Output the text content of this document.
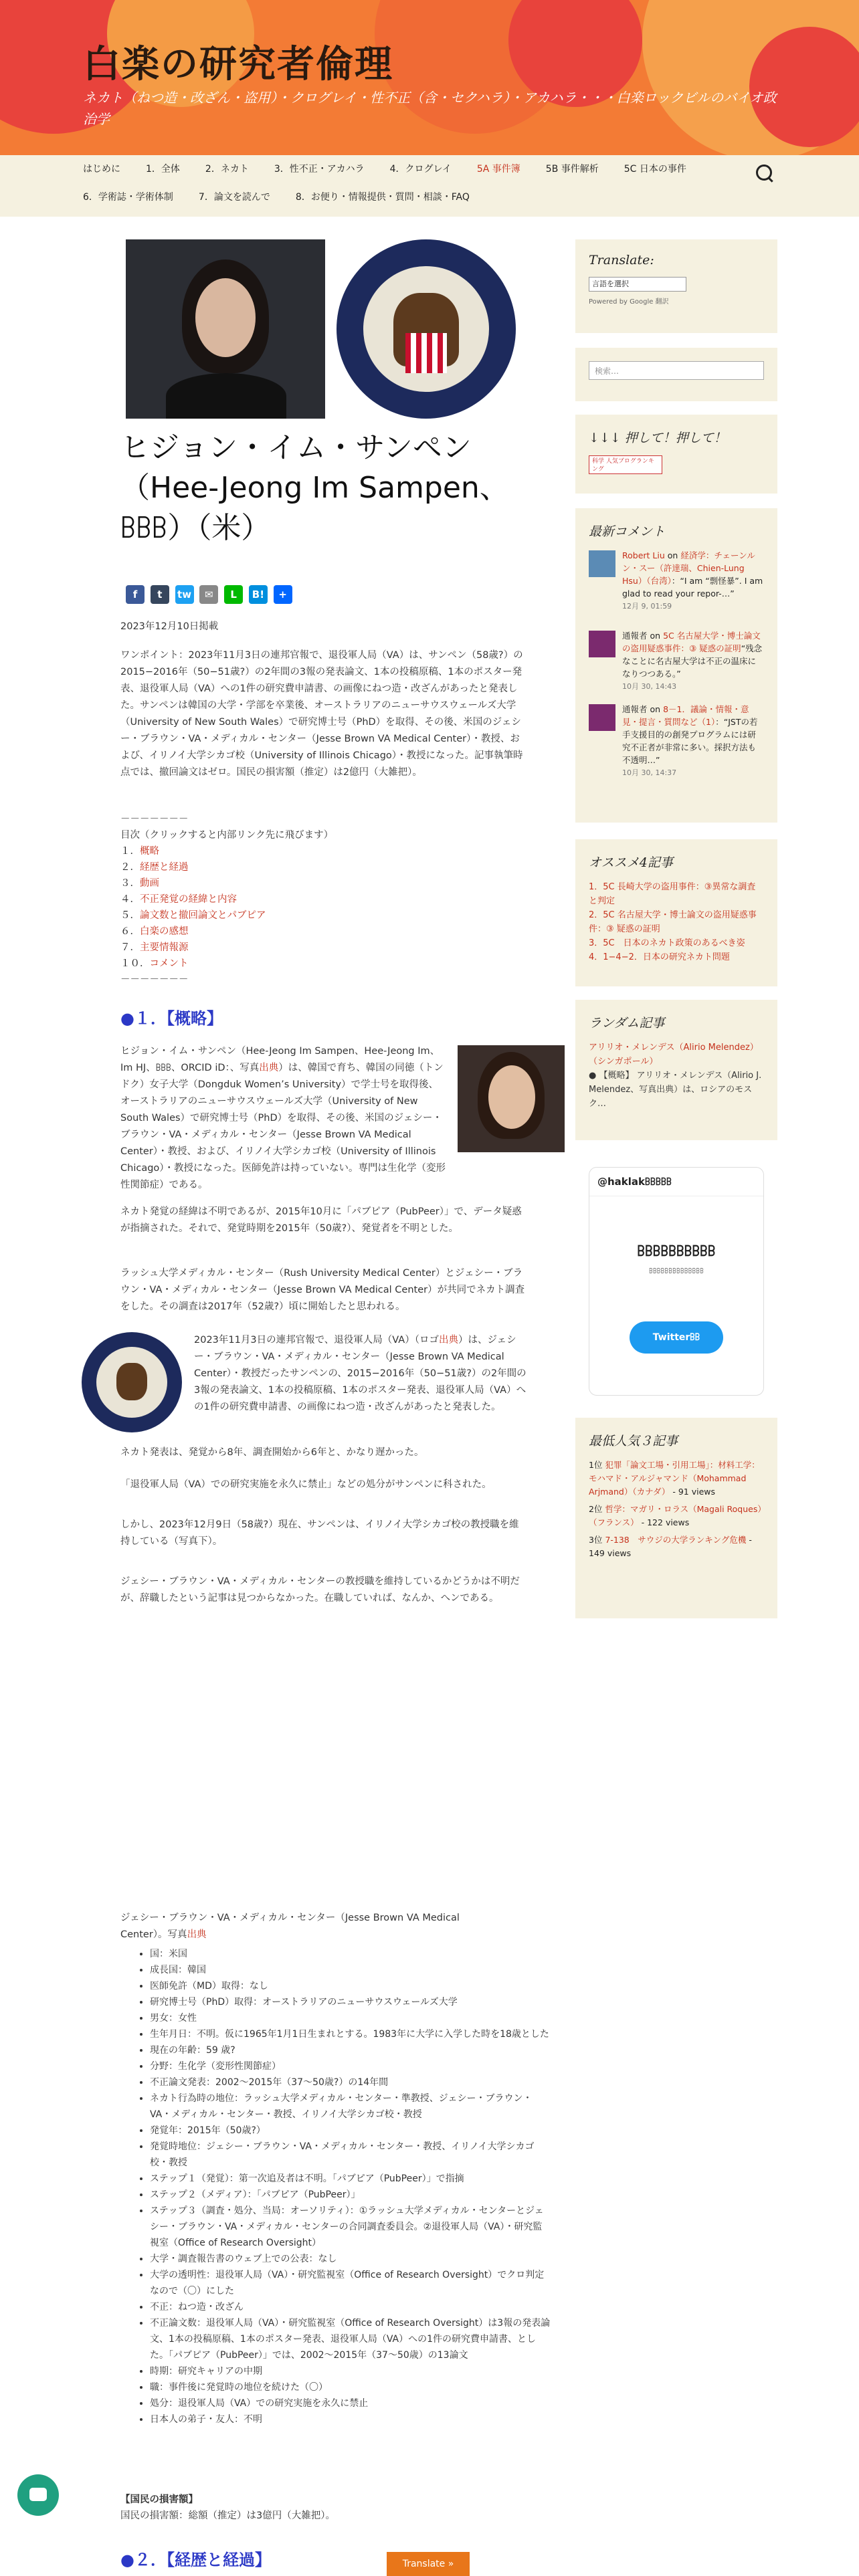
白楽の研究者倫理
ネカト（ねつ造・改ざん・盗用）・クログレイ・性不正（含・セクハラ）・アカハラ・・・白楽ロックビルのバイオ政治学
はじめに	1．全体	2．ネカト	3．性不正・アカハラ	4．クログレイ	5A 事件簿	5B 事件解析	5C 日本の事件
6．学術誌・学術体制	7．論文を読んで	8．お便り・情報提供・質問・相談・FAQ
ヒジョン・イム・サンペン（Hee-Jeong Im Sampen、ꕗꕗꕗ）（米）
f t tw ✉ L B! +
2023年12月10日掲載
ワンポイント：2023年11月3日の連邦官報で、退役軍人局（VA）は、サンペン（58歳?）の2015−2016年（50−51歳?）の2年間の3報の発表論文、1本の投稿原稿、1本のポスター発表、退役軍人局（VA）への1件の研究費申請書、の画像にねつ造・改ざんがあったと発表した。サンペンは韓国の大学・学部を卒業後、オーストラリアのニューサウスウェールズ大学（University of New South Wales）で研究博士号（PhD）を取得、その後、米国のジェシー・ブラウン・VA・メディカル・センター（Jesse Brown VA Medical Center）・教授、および、イリノイ大学シカゴ校（University of Illinois Chicago）・教授になった。記事執筆時点では、撤回論文はゼロ。国民の損害額（推定）は2億円（大雑把）。
－－－－－－－
目次（クリックすると内部リンク先に飛びます）
１．概略
２．経歴と経過
３．動画
４．不正発覚の経緯と内容
５．論文数と撤回論文とパブピア
６．白楽の感想
７．主要情報源
１０．コメント
－－－－－－－
●１．【概略】
ヒジョン・イム・サンペン（Hee-Jeong Im Sampen、Hee-Jeong Im、Im HJ、ꕗꕗꕗ、ORCID iD：、写真出典）は、韓国で育ち、韓国の同徳（トンドク）女子大学（Dongduk Women’s University）で学士号を取得後、オーストラリアのニューサウスウェールズ大学（University of New South Wales）で研究博士号（PhD）を取得、その後、米国のジェシー・ブラウン・VA・メディカル・センター（Jesse Brown VA Medical Center）・教授、および、イリノイ大学シカゴ校（University of Illinois Chicago）・教授になった。医師免許は持っていない。専門は生化学（変形性関節症）である。
ネカト発覚の経緯は不明であるが、2015年10月に「パブピア（PubPeer）」で、データ疑惑が指摘された。それで、発覚時期を2015年（50歳?）、発覚者を不明とした。
ラッシュ大学メディカル・センター（Rush University Medical Center）とジェシー・ブラウン・VA・メディカル・センター（Jesse Brown VA Medical Center）が共同でネカト調査をした。その調査は2017年（52歳?）頃に開始したと思われる。
2023年11月3日の連邦官報で、退役軍人局（VA）（ロゴ出典）は、ジェシー・ブラウン・VA・メディカル・センター（Jesse Brown VA Medical Center）・教授だったサンペンの、2015−2016年（50−51歳?）の2年間の3報の発表論文、1本の投稿原稿、1本のポスター発表、退役軍人局（VA）への1件の研究費申請書、の画像にねつ造・改ざんがあったと発表した。
ネカト発表は、発覚から8年、調査開始から6年と、かなり遅かった。
「退役軍人局（VA）での研究実施を永久に禁止」などの処分がサンペンに科された。
しかし、2023年12月9日（58歳?）現在、サンペンは、イリノイ大学シカゴ校の教授職を維持している（写真下）。
ジェシー・ブラウン・VA・メディカル・センターの教授職を維持しているかどうかは不明だが、辞職したという記事は見つからなかった。在職していれば、なんか、へンである。
ジェシー・ブラウン・VA・メディカル・センター（Jesse Brown VA Medical Center）。写真出典
• 国：米国
• 成長国：韓国
• 医師免許（MD）取得：なし
• 研究博士号（PhD）取得：オーストラリアのニューサウスウェールズ大学
• 男女：女性
• 生年月日：不明。仮に1965年1月1日生まれとする。1983年に大学に入学した時を18歳とした
• 現在の年齢：59 歳?
• 分野：生化学（変形性関節症）
• 不正論文発表：2002〜2015年（37〜50歳?）の14年間
• ネカト行為時の地位：ラッシュ大学メディカル・センター・準教授、ジェシー・ブラウン・VA・メディカル・センター・教授、イリノイ大学シカゴ校・教授
• 発覚年：2015年（50歳?）
• 発覚時地位：ジェシー・ブラウン・VA・メディカル・センター・教授、イリノイ大学シカゴ校・教授
• ステップ１（発覚）：第一次追及者は不明。「パブピア（PubPeer）」で指摘
• ステップ２（メディア）：「パブピア（PubPeer）」
• ステップ３（調査・処分、当局：オーソリティ）：①ラッシュ大学メディカル・センターとジェシー・ブラウン・VA・メディカル・センターの合同調査委員会。②退役軍人局（VA）・研究監視室（Office of Research Oversight）
• 大学・調査報告書のウェブ上での公表：なし
• 大学の透明性：退役軍人局（VA）・研究監視室（Office of Research Oversight）でクロ判定なので（〇）にした
• 不正：ねつ造・改ざん
• 不正論文数：退役軍人局（VA）・研究監視室（Office of Research Oversight）は3報の発表論文、1本の投稿原稿、1本のポスター発表、退役軍人局（VA）への1件の研究費申請書、とした。「パブピア（PubPeer）」では、2002〜2015年（37〜50歳）の13論文
• 時期：研究キャリアの中期
• 職：事件後に発覚時の地位を続けた（〇）
• 処分：退役軍人局（VA）での研究実施を永久に禁止
• 日本人の弟子・友人：不明
【国民の損害額】
国民の損害額：総額（推定）は3億円（大雑把）。
●２．【経歴と経過】
Translate:
言語を選択
Powered by Google 翻訳
検索…
↓↓↓ 押して！押して！
科学 人気ブログランキング
最新コメント
Robert Liu on 経済学：チェーンルン・スー（許達瑞、Chien-Lung Hsu）（台湾）：“I am “剽怪暴”. I am glad to read your repor-…”
12月 9, 01:59
通報者 on 5C 名古屋大学・博士論文の盗用疑惑事件：③ 疑惑の証明“残念なことに名古屋大学は不正の温床になりつつある。”
10月 30, 14:43
通報者 on 8－1．議論・情報・意見・提言・質問など（1）：“JSTの若手支援目的の創発プログラムには研究不正者が非常に多い。採択方法も不透明…”
10月 30, 14:37
オススメ4記事
1．5C 長崎大学の盗用事件：③異常な調査と判定
2．5C 名古屋大学・博士論文の盗用疑惑事件：③ 疑惑の証明
3．5C　日本のネカト政策のあるべき姿
4．1−4−2．日本の研究ネカト問題
ランダム記事
アリリオ・メレンデス（Alirio Melendez）（シンガポール）
● 【概略】 アリリオ・メレンデス（Alirio J. Melendez、写真出典）は、ロシアのモスク…
@haklakꕗꕗꕗꕗꕗ
ꕗꕗꕗꕗꕗꕗꕗꕗꕗꕗ
ꕗꕗꕗꕗꕗꕗꕗꕗꕗꕗꕗꕗꕗꕗ
Twitterꕗꕗ
最低人気３記事
1位 犯罪「論文工場・引用工場」：材料工学：モハマド・アルジャマンド（Mohammad Arjmand）（カナダ） - 91 views
2位 哲学：マガリ・ロラス（Magali Roques）（フランス） - 122 views
3位 7-138　サウジの大学ランキング危機 - 149 views
Translate »
